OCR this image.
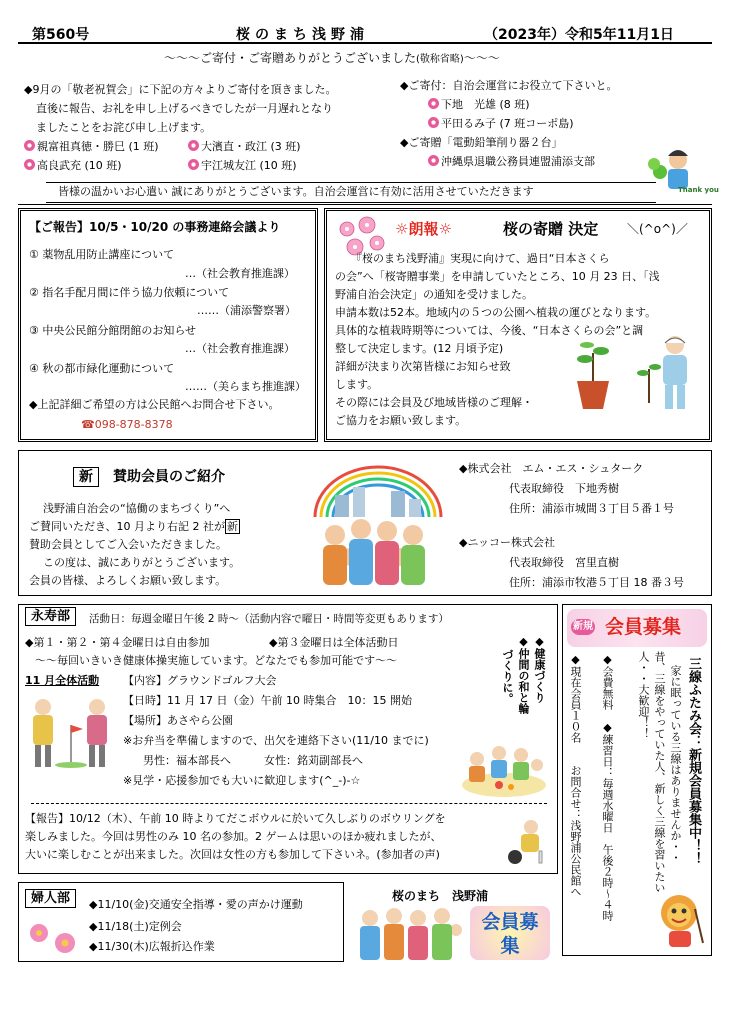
第560号	桜のまち浅野浦	（2023年）令和5年11月1日
～～～ご寄付・ご寄贈ありがとうございました(敬称省略)～～～
◆9月の「敬老祝賀会」に下記の方々よりご寄付を頂きました。
直後に報告、お礼を申し上げるべきでしたが一月遅れとなり
ましたことをお詫び申し上げます。
親富祖真徳・勝巳 (1 班)	大濱直・政江 (3 班)
高良武充 (10 班)	宇江城友江 (10 班)
◆ご寄付：自治会運営にお役立て下さいと。
下地　光雄 (8 班)
平田るみ子 (7 班コーポ島)
◆ご寄贈「電動鉛筆削り器２台」
沖縄県退職公務員連盟浦添支部
Thank you
皆様の温かいお心遣い 誠にありがとうございます。自治会運営に有効に活用させていただきます
【ご報告】10/5・10/20 の事務連絡会議より
① 薬物乱用防止講座について
…（社会教育推進課）
② 指名手配月間に伴う協力依頼について
……（浦添警察署）
③ 中央公民館分館閉館のお知らせ
…（社会教育推進課）
④ 秋の都市緑化運動について
……（美らまち推進課）
◆上記詳細ご希望の方は公民館へお問合せ下さい。
☎098-878-8378
☼朗報☼	桜の寄贈 決定 ＼(^o^)／
『桜のまち浅野浦』実現に向けて、過日“日本さくら
の会”へ「桜寄贈事業」を申請していたところ、10 月 23 日、「浅
野浦自治会決定」の通知を受けました。
申請本数は52本。地域内の５つの公園へ植栽の運びとなります。
具体的な植栽時期等については、今後、“日本さくらの会”と調
整して決定します。(12 月頃予定)
詳細が決まり次第皆様にお知らせ致
します。
その際には会員及び地域皆様のご理解・
ご協力をお願い致します。
新　 賛助会員のご紹介
浅野浦自治会の“協働のまちづくり”へ
ご賛同いただき、10 月より右記 2 社が 新
賛助会員としてご入会いただきました。
この度は、誠にありがとうございます。
会員の皆様、よろしくお願い致します。
◆株式会社　エム・エス・シュターク
代表取締役　下地秀樹
住所：浦添市城間３丁目５番１号
◆ニッコー株式会社
代表取締役　宮里直樹
住所：浦添市牧港５丁目 18 番３号
永寿部	活動日：毎週金曜日午後 2 時～（活動内容で曜日・時間等変更もあります）
◆第１・第２・第４金曜日は自由参加	◆第３金曜日は全体活動日
～～毎回いきいき健康体操実施しています。どなたでも参加可能です～～
11 月全体活動 【内容】グラウンドゴルフ大会
【日時】11 月 17 日（金）午前 10 時集合　10：15 開始
【場所】あさやら公園
※お弁当を準備しますので、出欠を連絡下さい(11/10 までに)
男性：福本部長へ　　　女性：銘苅副部長へ
※見学・応援参加でも大いに歓迎します(^_-)-☆
◆健康づくり
◆仲間の和と輪
づくりに。
【報告】10/12（木）、午前 10 時よりてだこボウルに於いて久しぶりのボウリングを
楽しみました。今回は男性のみ 10 名の参加。2 ゲームは思いのほか疲れましたが、
大いに楽しむことが出来ました。次回は女性の方も参加して下さいネ。(参加者の声)
新規 会員募集
三線ふたみ会：新規会員募集中！！
家に眠っている三線はありませんか・・
昔、三線をやっていた人、新しく三線を習いたい
人・・大歓迎！！
◆会費無料　◆練習日：毎週水曜日　午後２時～４時
◆現在会員１０名　　お問合せ：浅野浦公民館へ
婦人部	◆11/10(金)交通安全指導・愛の声かけ運動
◆11/18(土)定例会
◆11/30(木)広報折込作業
桜のまち　浅野浦
会員募集
